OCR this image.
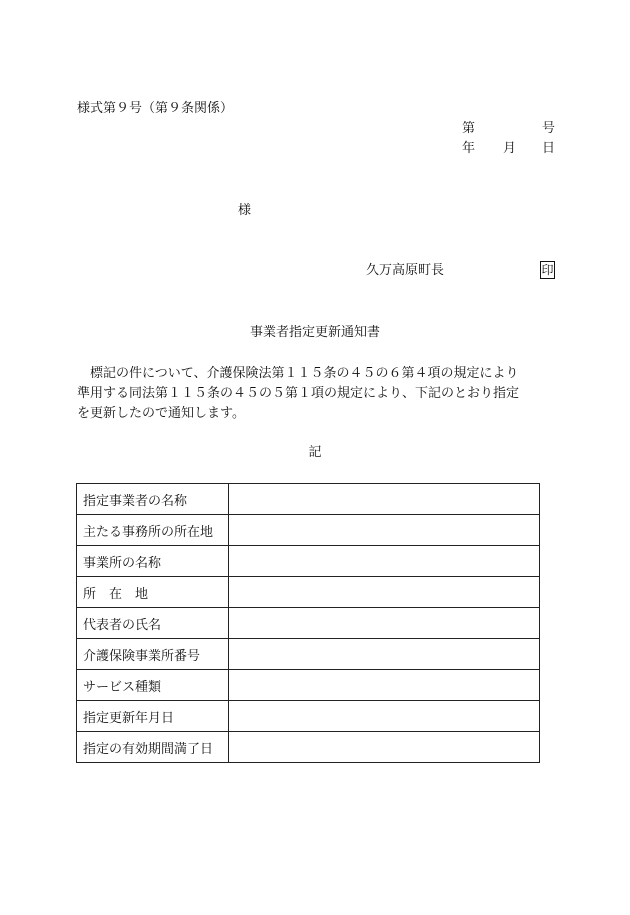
様式第９号（第９条関係）
第	号
年 月 日
様
久万高原町長	印
事業者指定更新通知書
　標記の件について、介護保険法第１１５条の４５の６第４項の規定により
準用する同法第１１５条の４５の５第１項の規定により、下記のとおり指定
を更新したので通知します。
記
指定事業者の名称	
主たる事務所の所在地	
事業所の名称	
所　在　地	
代表者の氏名	
介護保険事業所番号	
サービス種類	
指定更新年月日	
指定の有効期間満了日	
